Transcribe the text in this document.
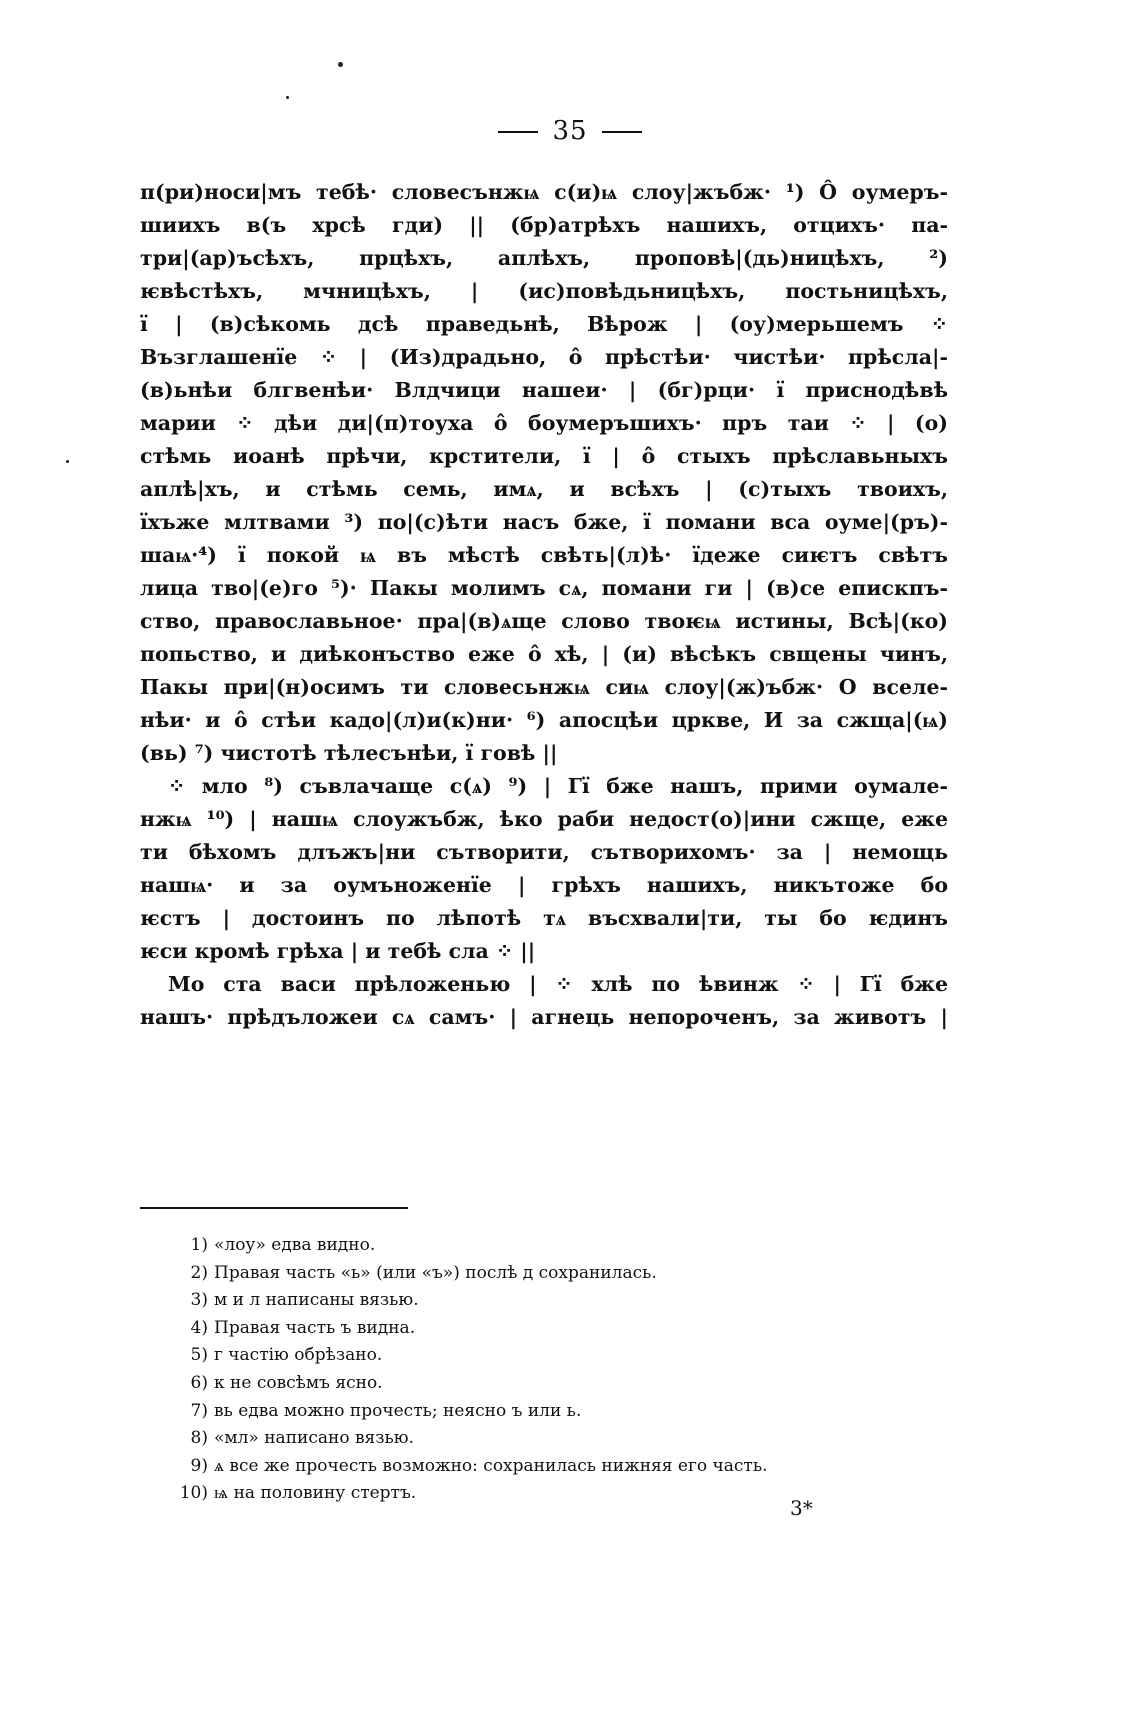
35
п(ри)носи|мъ тебѣ· словесънжѩ с(и)ѩ слоу|жъбж· ¹) Ô оумеръ-
шиихъ в(ъ хрсѣ гди) || (бр)атрѣхъ нашихъ, отцихъ· па-
три|(ар)ъсѣхъ, прцѣхъ, аплѣхъ, проповѣ|(дь)ницѣхъ, ²)
ѥвѣстѣхъ, мчницѣхъ, | (ис)повѣдьницѣхъ, постьницѣхъ,
ї | (в)сѣкомь дсѣ праведьнѣ, Вѣрож | (оу)мерьшемъ ⁘
Възглашенїе ⁘ | (Из)драдьно, ô прѣстѣи· чистѣи· прѣсла|-
(в)ьнѣи блгвенѣи· Влдчици нашеи· | (бг)рци· ї приснодѣвѣ
марии ⁘ дѣи ди|(п)тоуха ô боумеръшихъ· пръ таи ⁘ | (о)
стѣмь иоанѣ прѣчи, крстители, ї | ô стыхъ прѣславьныхъ
аплѣ|хъ, и стѣмь семь, имѧ, и всѣхъ | (с)тыхъ твоихъ,
їхъже млтвами ³) по|(с)ѣти насъ бже, ї помани вса оуме|(ръ)-
шаѩ·⁴) ї покой ѩ въ мѣстѣ свѣть|(л)ѣ· їдеже сиѥтъ свѣтъ
лица тво|(е)го ⁵)· Пакы молимъ сѧ, помани ги | (в)се епискпъ-
ство, православьное· пра|(в)ѧще слово твоѥѩ истины, Всѣ|(ко)
попьство, и диѣконъство еже ô хѣ, | (и) вѣсѣкъ свщены чинъ,
Пакы при|(н)осимъ ти словесьнжѩ сиѩ слоу|(ж)ъбж· О вселе-
нѣи· и ô стѣи кадо|(л)и(к)ни· ⁶) апосцѣи црквe, И за сжща|(ѩ)
(вь) ⁷) чистотѣ тѣлесънѣи, ї говѣ ||
⁘ мло ⁸) съвлачаще с(ѧ) ⁹) | Гї бже нашъ, прими оумале-
нжѩ ¹⁰) | нашѩ слоужъбж, ѣко раби недост(о)|ини сжще, еже
ти бѣхомъ длъжъ|ни сътворити, сътворихомъ· за | немощь
нашѩ· и за оумъноженїе | грѣхъ нашихъ, никътоже бо
ѥстъ | достоинъ по лѣпотѣ тѧ въсхвали|ти, ты бо ѥдинъ
ѥси кромѣ грѣха | и тебѣ сла ⁘ ||
Мо ста васи прѣложенью | ⁘ хлѣ по ѣвинж ⁘ | Гї бже
нашъ· прѣдъложеи сѧ самъ· | агнець непороченъ, за животъ |
1) «лоу» едва видно.
2) Правая часть «ь» (или «ъ») послѣ д сохранилась.
3) м и л написаны вязью.
4) Правая часть ъ видна.
5) г частію обрѣзано.
6) к не совсѣмъ ясно.
7) вь едва можно прочесть; неясно ъ или ь.
8) «мл» написано вязью.
9) ѧ все же прочесть возможно: сохранилась нижняя его часть.
10) ѩ на половину стертъ.
3*
